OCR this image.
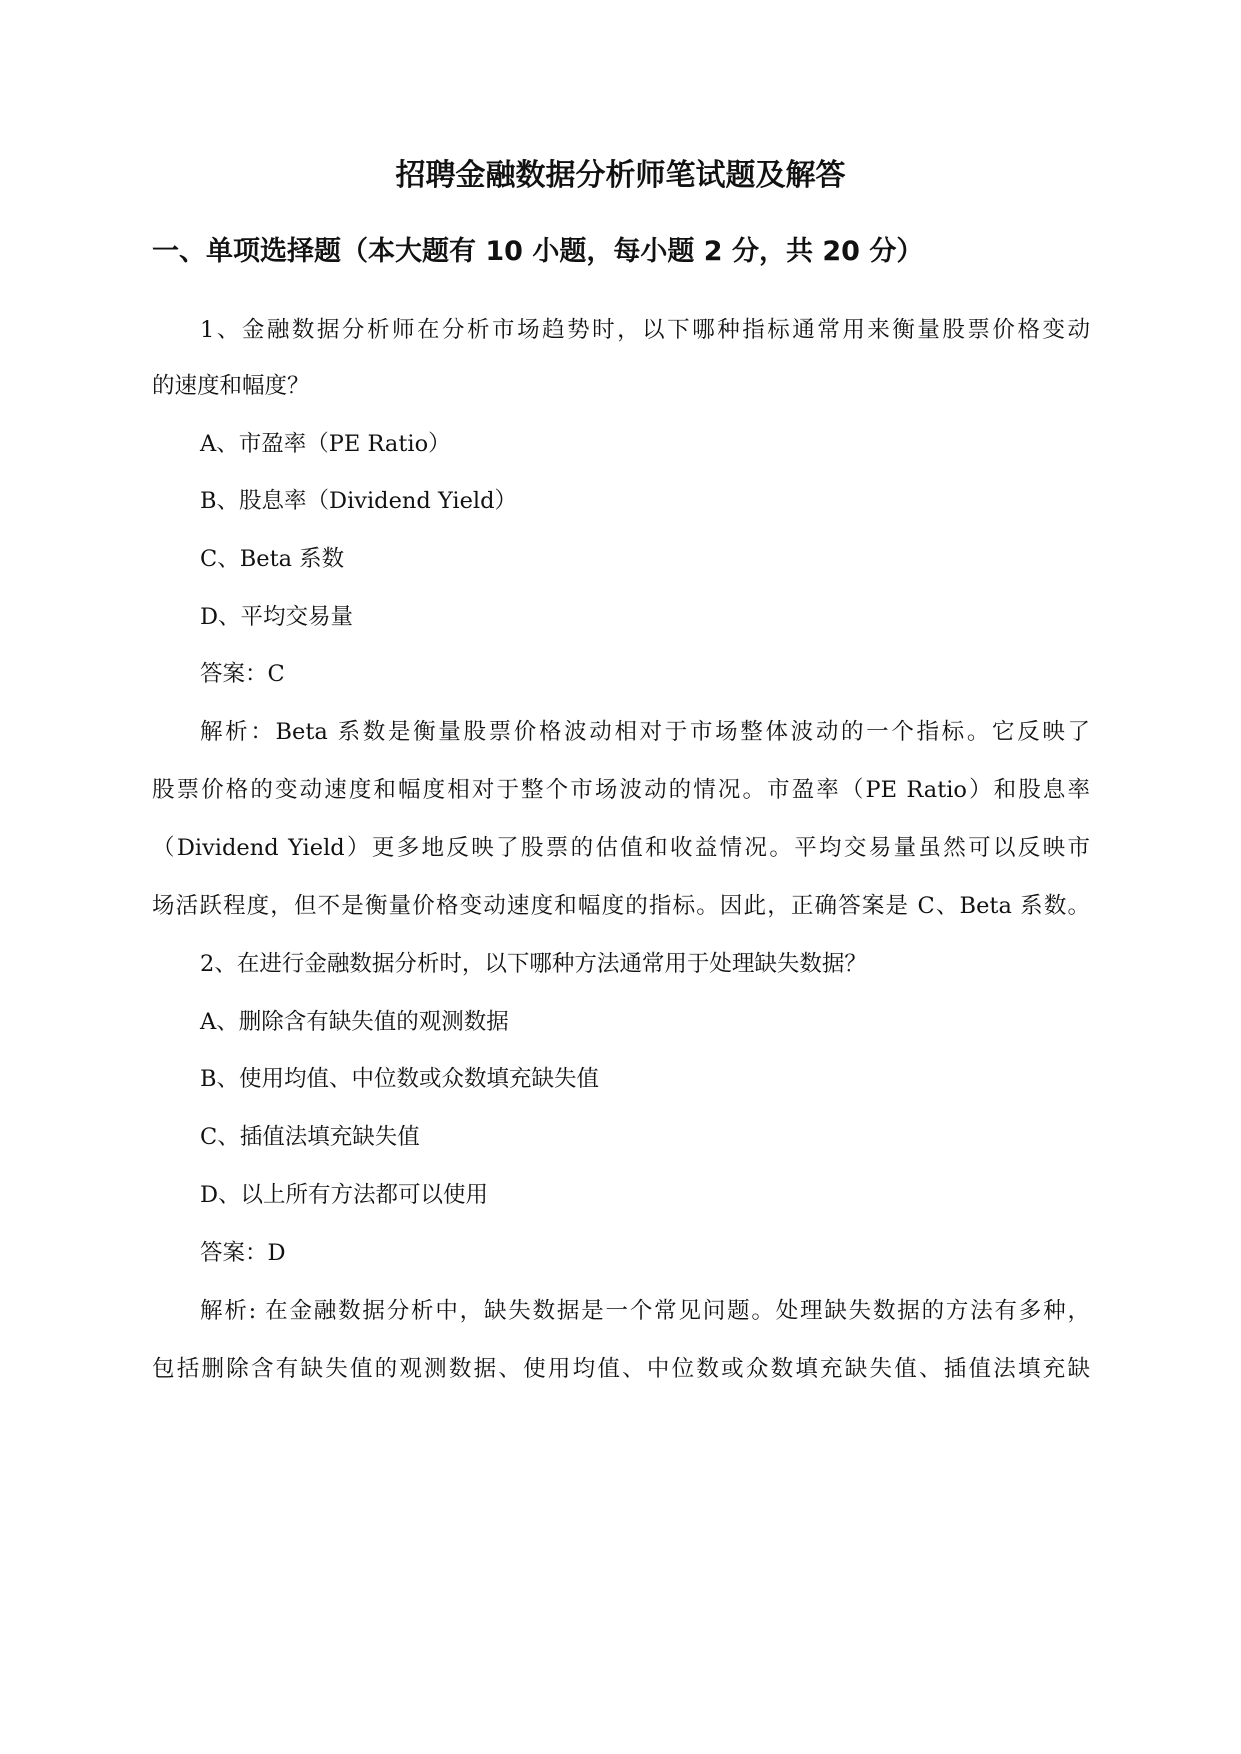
招聘金融数据分析师笔试题及解答
一、单项选择题（本大题有 10 小题，每小题 2 分，共 20 分）

1、金融数据分析师在分析市场趋势时，以下哪种指标通常用来衡量股票价格变动

的速度和幅度？

A、市盈率（PE Ratio）

B、股息率（Dividend Yield）

C、Beta 系数

D、平均交易量

答案：C

解析：Beta 系数是衡量股票价格波动相对于市场整体波动的一个指标。它反映了

股票价格的变动速度和幅度相对于整个市场波动的情况。市盈率（PE Ratio）和股息率

（Dividend Yield）更多地反映了股票的估值和收益情况。平均交易量虽然可以反映市

场活跃程度，但不是衡量价格变动速度和幅度的指标。因此，正确答案是 C、Beta 系数。

2、在进行金融数据分析时，以下哪种方法通常用于处理缺失数据？

A、删除含有缺失值的观测数据

B、使用均值、中位数或众数填充缺失值

C、插值法填充缺失值

D、以上所有方法都可以使用

答案：D

解析: 在金融数据分析中，缺失数据是一个常见问题。处理缺失数据的方法有多种，

包括删除含有缺失值的观测数据、使用均值、中位数或众数填充缺失值、插值法填充缺
